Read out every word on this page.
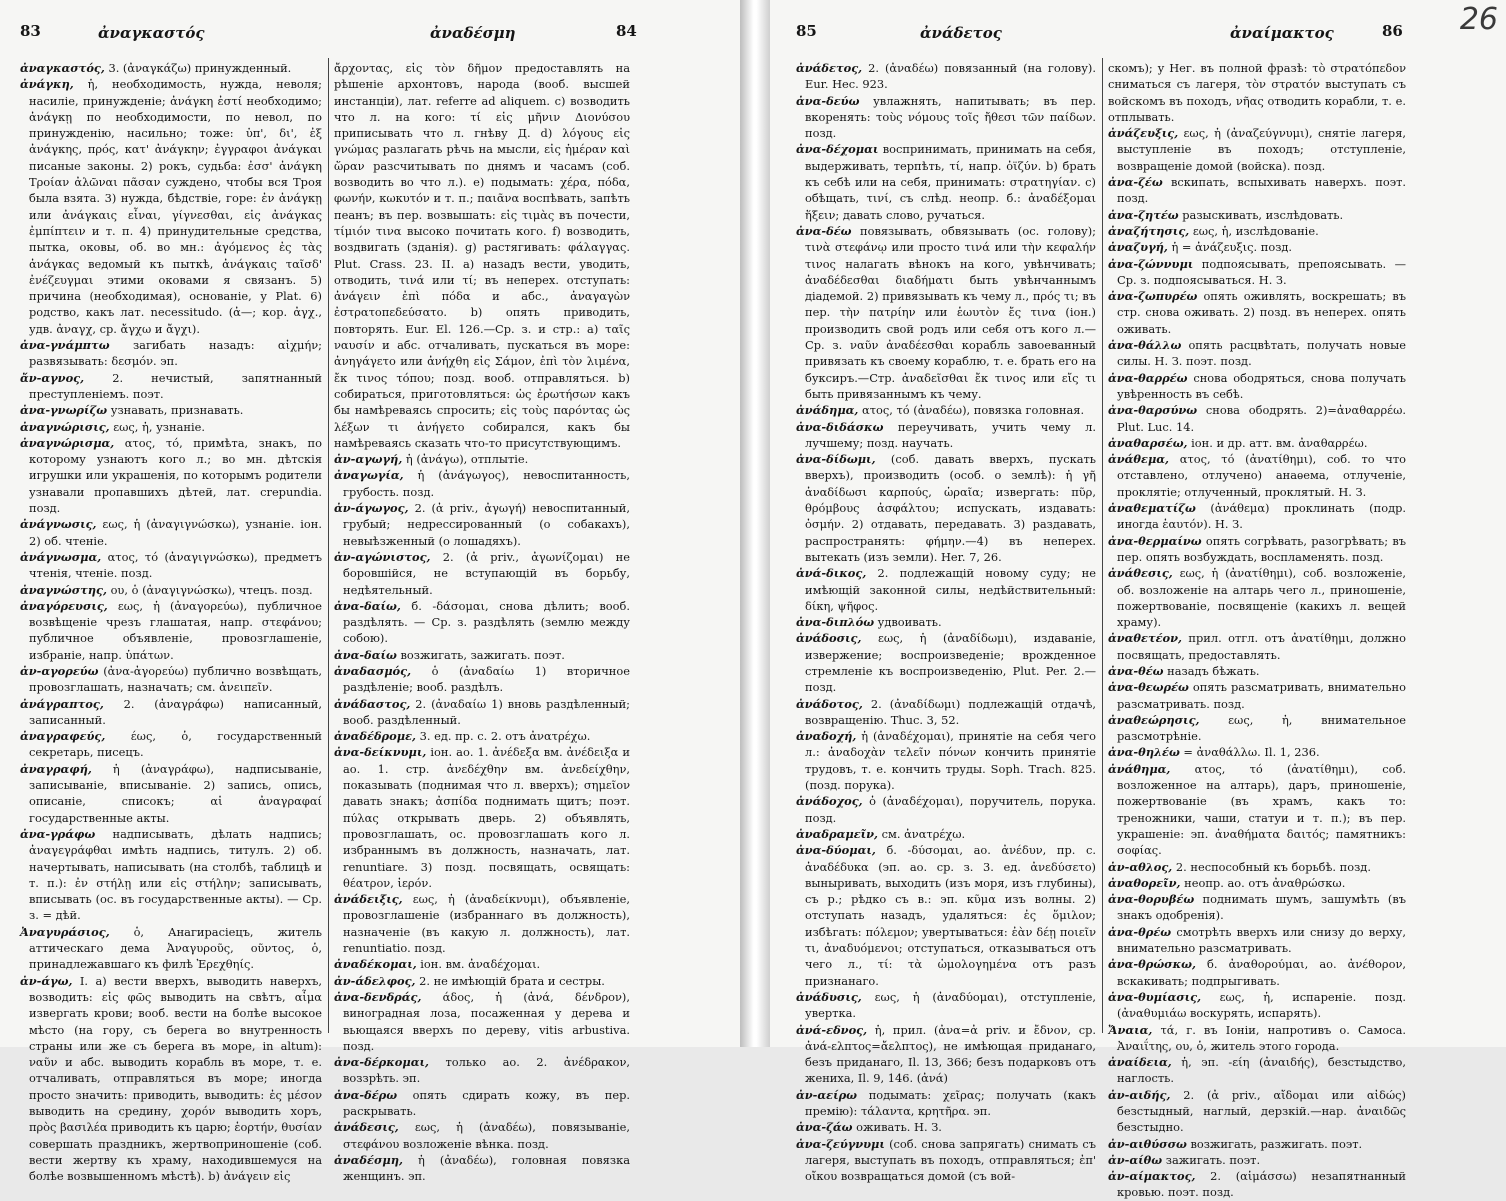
83	ἀναγκαστός	ἀναδέσμη	84

ἀναγκαστός, 3. (ἀναγκάζω) принужденный.

ἀνάγκη, ἡ, необходимость, нужда, неволя; насиліе, принужденіе; ἀνάγκη ἐστί необходимо; ἀνάγκῃ по необходимости, по невол, по принужденію, насильно; тоже: ὑπ', δι', ἐξ ἀνάγκης, πρός, κατ' ἀνάγκην; ἐγγραφοι ἀνάγκαι писаные законы. 2) рокъ, судьба: ἐσσ' ἀνάγκη Τροίαν ἀλῶναι πᾶσαν суждено, чтобы вся Троя была взята. 3) нужда, бѣдствіе, горе: ἐν ἀνάγκῃ или ἀνάγκαις εἶναι, γίγνεσθαι, εἰς ἀνάγκας ἐμπίπτειν и т. п. 4) принудительные средства, пытка, оковы, об. во мн.: ἀγόμενος ἐς τὰς ἀνάγκας ведомый къ пыткѣ, ἀνάγκαις ταῖσδ' ἐνέζευγμαι этими оковами я связанъ. 5) причина (необходимая), основаніе, у Plat. 6) родство, какъ лат. necessitudo. (ἀ—; кор. ἀγχ., удв. ἀναγχ, ср. ἄγχω и ἄγχι).

ἀνα-γνάμπτω загибать назадъ: αἰχμήν; развязывать: δεσμόν. эп.

ἄν-αγνος, 2. нечистый, запятнанный преступленіемъ. поэт.

ἀνα-γνωρίζω узнавать, признавать.

ἀναγνώρισις, εως, ἡ, узнаніе.

ἀναγνώρισμα, ατος, τό, примѣта, знакъ, по которому узнаютъ кого л.; во мн. дѣтскія игрушки или украшенія, по которымъ родители узнавали пропавшихъ дѣтей, лат. crepundia. позд.

ἀνάγνωσις, εως, ἡ (ἀναγιγνώσκω), узнаніе. іон. 2) об. чтеніе.

ἀνάγνωσμα, ατος, τό (ἀναγιγνώσκω), предметъ чтенія, чтеніе. позд.

ἀναγνώστης, ου, ὁ (ἀναγιγνώσκω), чтецъ. позд.

ἀναγόρευσις, εως, ἡ (ἀναγορεύω), публичное возвѣщеніе чрезъ глашатая, напр. στεφάνου; публичное объявленіе, провозглашеніе, избраніе, напр. ὑπάτων.

ἀν-αγορεύω (ἀνα-ἀγορεύω) публично возвѣщать, провозглашать, назначать; см. ἀνειπεῖν.

ἀνάγραπτος, 2. (ἀναγράφω) написанный, записанный.

ἀναγραφεύς, έως, ὁ, государственный секретарь, писецъ.

ἀναγραφή, ἡ (ἀναγράφω), надписываніе, записываніе, вписываніе. 2) запись, опись, описаніе, списокъ; αἱ ἀναγραφαί государственные акты.

ἀνα-γράφω надписывать, дѣлать надпись; ἀναγεγράφθαι имѣть надпись, титулъ. 2) об. начертывать, написывать (на столбѣ, таблицѣ и т. п.): ἐν στήλῃ или εἰς στήλην; записывать, вписывать (ос. въ государственные акты). — Ср. з. = дѣй.

Ἀναγυράσιος, ὁ, Анагирасіецъ, житель аттическаго дема Ἀναγυροῦς, οῦντος, ὁ, принадлежавшаго къ филѣ Ἐρεχθηίς.

ἀν-άγω, I. а) вести вверхъ, выводить наверхъ, возводить: εἰς φῶς выводить на свѣтъ, αἷμα извергать крови; вооб. вести на болѣе высокое мѣсто (на гору, съ берега во внутренность страны или же съ берега въ море, in altum): ναῦν и абс. выводить корабль въ море, т. е. отчаливать, отправляться въ море; иногда просто значить: приводить, выводить: ἐς μέσον выводить на средину, χορόν выводить хоръ, πρὸς βασιλέα приводить къ царю; ἑορτήν, θυσίαν совершать праздникъ, жертвоприношеніе (соб. вести жертву къ храму, находившемуся на болѣе возвышенномъ мѣстѣ). b) ἀνάγειν εἰς

ἄρχοντας, εἰς τὸν δῆμον предоставлять на рѣшеніе архонтовъ, народа (вооб. высшей инстанціи), лат. referre ad aliquem. c) возводить что л. на кого: τί εἰς μῆνιν Διονύσου приписывать что л. гнѣву Д. d) λόγους εἰς γνώμας разлагать рѣчь на мысли, εἰς ἡμέραν καὶ ὥραν разсчитывать по днямъ и часамъ (соб. возводить во что л.). e) подымать: χέρα, πόδα, φωνήν, κωκυτόν и т. п.; παιᾶνα воспѣвать, запѣть пеанъ; въ пер. возвышать: εἰς τιμὰς въ почести, τίμιόν τινα высоко почитать кого. f) возводить, воздвигать (зданія). g) растягивать: φάλαγγας. Plut. Crass. 23. II. а) назадъ вести, уводить, отводить, τινά или τί; въ неперех. отступать: ἀνάγειν ἐπὶ πόδα и абс., ἀναγαγὼν ἐστρατοπεδεύσατο. b) опять приводить, повторять. Eur. El. 126.—Ср. з. и стр.: а) ταῖς ναυσίν и абс. отчаливать, пускаться въ море: ἀνηγάγετο или ἀνήχθη εἰς Σάμον, ἐπὶ τὸν λιμένα, ἔκ τινος τόπου; позд. вооб. отправляться. b) собираться, приготовляться: ὡς ἐρωτήσων какъ бы намѣреваясь спросить; εἰς τοὺς παρόντας ὡς λέξων τι ἀνήγετο собирался, какъ бы намѣреваясь сказать что-то присутствующимъ.

ἀν-αγωγή, ἡ (ἀνάγω), отплытіе.

ἀναγωγία, ἡ (ἀνάγωγος), невоспитанность, грубость. позд.

ἀν-άγωγος, 2. (ἀ priv., ἀγωγή) невоспитанный, грубый; недрессированный (о собакахъ), невыѣзженный (о лошадяхъ).

ἀν-αγώνιστος, 2. (ἀ priv., ἀγωνίζομαι) не боровшійся, не вступающій въ борьбу, недѣятельный.

ἀνα-δαίω, б. -δάσομαι, снова дѣлить; вооб. раздѣлять. — Ср. з. раздѣлять (землю между собою).

ἀνα-δαίω возжигать, зажигать. поэт.

ἀναδασμός, ὁ (ἀναδαίω 1) вторичное раздѣленіе; вооб. раздѣлъ.

ἀνάδαστος, 2. (ἀναδαίω 1) вновь раздѣленный; вооб. раздѣленный.

ἀναδέδρομε, 3. ед. пр. с. 2. отъ ἀνατρέχω.

ἀνα-δείκνυμι, іон. ао. 1. ἀνέδεξα вм. ἀνέδειξα и ао. 1. стр. ἀνεδέχθην вм. ἀνεδείχθην, показывать (поднимая что л. вверхъ); σημεῖον давать знакъ; ἀσπίδα поднимать щитъ; поэт. πύλας открывать дверь. 2) объявлять, провозглашать, ос. провозглашать кого л. избраннымъ въ должность, назначать, лат. renuntiare. 3) позд. посвящать, освящать: θέατρον, ἱερόν.

ἀνάδειξις, εως, ἡ (ἀναδείκνυμι), объявленіе, провозглашеніе (избраннаго въ должность), назначеніе (въ какую л. должность), лат. renuntiatio. позд.

ἀναδέκομαι, іон. вм. ἀναδέχομαι.

ἀν-άδελφος, 2. не имѣющій брата и сестры.

ἀνα-δενδράς, άδος, ἡ (ἀνά, δένδρον), виноградная лоза, посаженная у дерева и вьющаяся вверхъ по дереву, vitis arbustiva. позд.

ἀνα-δέρκομαι, только ао. 2. ἀνέδρακον, воззрѣть. эп.

ἀνα-δέρω опять сдирать кожу, въ пер. раскрывать.

ἀνάδεσις, εως, ἡ (ἀναδέω), повязываніе, στεφάνου возложеніе вѣнка. позд.

ἀναδέσμη, ἡ (ἀναδέω), головная повязка женщинъ. эп.

85	ἀνάδετος	ἀναίμακτος	86 26

ἀνάδετος, 2. (ἀναδέω) повязанный (на голову). Eur. Hec. 923.

ἀνα-δεύω увлажнять, напитывать; въ пер. вкоренять: τοὺς νόμους τοῖς ἤθεσι τῶν παίδων. позд.

ἀνα-δέχομαι воспринимать, принимать на себя, выдерживать, терпѣть, τί, напр. ὀϊζύν. b) брать къ себѣ или на себя, принимать: στρατηγίαν. c) обѣщать, τινί, съ слѣд. неопр. б.: ἀναδέξομαι ἥξειν; давать слово, ручаться.

ἀνα-δέω повязывать, обвязывать (ос. голову); τινὰ στεφάνῳ или просто τινά или τὴν κεφαλήν τινος налагать вѣнокъ на кого, увѣнчивать; ἀναδέδεσθαι διαδήματι быть увѣнчаннымъ діадемой. 2) привязывать къ чему л., πρός τι; въ пер. τὴν πατρίην или ἑωυτὸν ἔς τινα (іон.) производить свой родъ или себя отъ кого л.—Ср. з. ναῦν ἀναδέεσθαι корабль завоеванный привязать къ своему кораблю, т. е. брать его на буксиръ.—Стр. ἀναδεῖσθαι ἔκ τινος или εἴς τι быть привязаннымъ къ чему.

ἀνάδημα, ατος, τό (ἀναδέω), повязка головная.

ἀνα-διδάσκω переучивать, учить чему л. лучшему; позд. научать.

ἀνα-δίδωμι, (соб. давать вверхъ, пускать вверхъ), производить (особ. о землѣ): ἡ γῆ ἀναδίδωσι καρπούς, ὡραῖα; извергать: πῦρ, θρόμβους ἀσφάλτου; испускать, издавать: ὀσμήν. 2) отдавать, передавать. 3) раздавать, распространять: φήμην.—4) въ неперех. вытекать (изъ земли). Her. 7, 26.

ἀνά-δικος, 2. подлежащій новому суду; не имѣющій законной силы, недѣйствительный: δίκη, ψῆφος.

ἀνα-διπλόω удвоивать.

ἀνάδοσις, εως, ἡ (ἀναδίδωμι), издаваніе, извержение; воспроизведеніе; врожденное стремленіе къ воспроизведенію, Plut. Per. 2.—позд.

ἀνάδοτος, 2. (ἀναδίδωμι) подлежащій отдачѣ, возвращенію. Thuc. 3, 52.

ἀναδοχή, ἡ (ἀναδέχομαι), принятіе на себя чего л.: ἀναδοχὰν τελεῖν πόνων кончить принятіе трудовъ, т. е. кончить труды. Soph. Trach. 825. (позд. порука).

ἀνάδοχος, ὁ (ἀναδέχομαι), поручитель, порука. позд.

ἀναδραμεῖν, см. ἀνατρέχω.

ἀνα-δύομαι, б. -δύσομαι, ао. ἀνέδυν, пр. с. ἀναδέδυκα (эп. ао. ср. з. 3. ед. ἀνεδύσετο) выныривать, выходить (изъ моря, изъ глубины), съ р.; рѣдко съ в.: эп. κῦμα изъ волны. 2) отступать назадъ, удаляться: ἐς ὅμιλον; избѣгать: πόλεμον; увертываться: ἐὰν δέῃ ποιεῖν τι, ἀναδυόμενοι; отступаться, отказываться отъ чего л., τί: τὰ ὡμολογημένα отъ разъ признанаго.

ἀνάδυσις, εως, ἡ (ἀναδύομαι), отступленіе, увертка.

ἀνά-εδνος, ἡ, прил. (ἀνα=ἀ priv. и ἔδνον, ср. ἀνά-ελπτος=ἄελπτος), не имѣющая приданаго, безъ приданаго, Il. 13, 366; безъ подарковъ отъ жениха, Il. 9, 146. (ἀνά)

ἀν-αείρω подымать: χεῖρας; получать (какъ премію): τάλαντα, κρητῆρα. эп.

ἀνα-ζάω оживать. Н. З.

ἀνα-ζεύγνυμι (соб. снова запрягать) снимать съ лагеря, выступать въ походъ, отправляться; ἐπ' οἴκου возвращаться домой (съ вой-

скомъ); у Нег. въ полной фразѣ: τὸ στρατόπεδον сниматься съ лагеря, τὸν στρατόν выступать съ войскомъ въ походъ, νῆας отводить корабли, т. е. отплывать.

ἀνάζευξις, εως, ἡ (ἀναζεύγνυμι), снятіе лагеря, выступленіе въ походъ; отступленіе, возвращеніе домой (войска). позд.

ἀνα-ζέω вскипать, вспыхивать наверхъ. поэт. позд.

ἀνα-ζητέω разыскивать, изслѣдовать.

ἀναζήτησις, εως, ἡ, изслѣдованіе.

ἀναζυγή, ἡ = ἀνάζευξις. позд.

ἀνα-ζώννυμι подпоясывать, препоясывать. — Ср. з. подпоясываться. Н. З.

ἀνα-ζωπυρέω опять оживлять, воскрешать; въ стр. снова оживать. 2) позд. въ неперех. опять оживать.

ἀνα-θάλλω опять расцвѣтать, получать новые силы. Н. З. поэт. позд.

ἀνα-θαρρέω снова ободряться, снова получать увѣренность въ себѣ.

ἀνα-θαρσύνω снова ободрять. 2)=ἀναθαρρέω. Plut. Luc. 14.

ἀναθαρσέω, іон. и др. атт. вм. ἀναθαρρέω.

ἀνάθεμα, ατος, τό (ἀνατίθημι), соб. то что отставлено, отлучено) анаѳема, отлученіе, проклятіе; отлученный, проклятый. Н. З.

ἀναθεματίζω (ἀνάθεμα) проклинать (подр. иногда ἑαυτόν). Н. З.

ἀνα-θερμαίνω опять согрѣвать, разогрѣвать; въ пер. опять возбуждать, воспламенять. позд.

ἀνάθεσις, εως, ἡ (ἀνατίθημι), соб. возложеніе, об. возложеніе на алтарь чего л., приношеніе, пожертвованіе, посвященіе (какихъ л. вещей храму).

ἀναθετέον, прил. отгл. отъ ἀνατίθημι, должно посвящать, предоставлять.

ἀνα-θέω назадъ бѣжать.

ἀνα-θεωρέω опять разсматривать, внимательно разсматривать. позд.

ἀναθεώρησις, εως, ἡ, внимательное разсмотрѣніе.

ἀνα-θηλέω = ἀναθάλλω. Il. 1, 236.

ἀνάθημα, ατος, τό (ἀνατίθημι), соб. возложенное на алтарь), даръ, приношеніе, пожертвованіе (въ храмъ, какъ то: треножники, чаши, статуи и т. п.); въ пер. украшеніе: эп. ἀναθήματα δαιτός; памятникъ: σοφίας.

ἀν-αθλος, 2. неспособный къ борьбѣ. позд.

ἀναθορεῖν, неопр. ао. отъ ἀναθρώσκω.

ἀνα-θορυβέω поднимать шумъ, зашумѣть (въ знакъ одобренія).

ἀνα-θρέω смотрѣть вверхъ или снизу до верху, внимательно разсматривать.

ἀνα-θρώσκω, б. ἀναθορούμαι, ао. ἀνέθορον, вскакивать; подпрыгивать.

ἀνα-θυμίασις, εως, ἡ, испареніе. позд. (ἀναθυμιάω воскурять, испарять).

Ἄναια, τά, г. въ Іоніи, напротивъ о. Самоса. Ἀναιΐτης, ου, ὁ, житель этого города.

ἀναίδεια, ἡ, эп. -είη (ἀναιδής), безстыдство, наглость.

ἀν-αιδής, 2. (ἀ priv., αἴδομαι или αἰδώς) безстыдный, наглый, дерзкій.—нар. ἀναιδῶς безстыдно.

ἀν-αιθύσσω возжигать, разжигать. поэт.

ἀν-αίθω зажигать. поэт.

ἀν-αίμακτος, 2. (αἱμάσσω) незапятнанный кровью. поэт. позд.
